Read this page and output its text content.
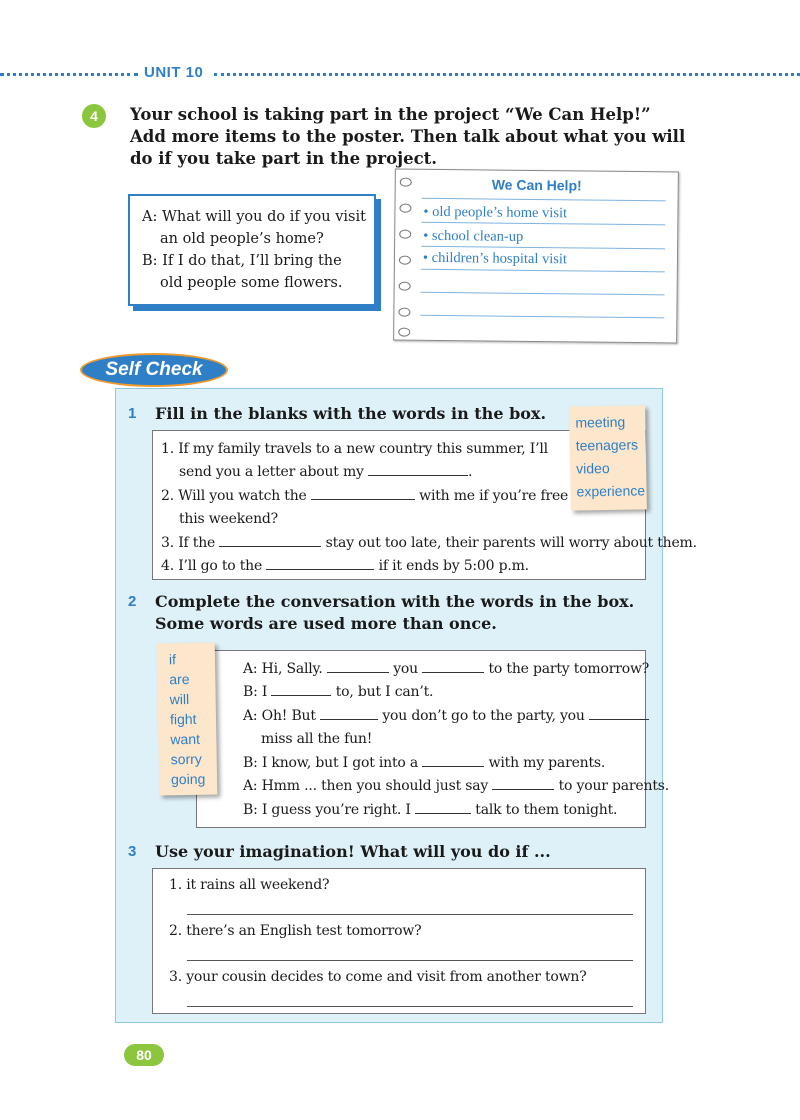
UNIT 10
4	Your school is taking part in the project “We Can Help!” Add more items to the poster. Then talk about what you will do if you take part in the project.

A: What will you do if you visit an old people’s home?

B: If I do that, I’ll bring the old people some flowers.

We Can Help!
• old people’s home visit
• school clean-up
• children’s hospital visit
Self Check
1 Fill in the blanks with the words in the box.
1. If my family travels to a new country this summer, I’ll
send you a letter about my	.
2. Will you watch the	with me if you’re free
this weekend?
3. If the	stay out too late, their parents will worry about them.
4. I’ll go to the	if it ends by 5:00 p.m.
meeting
teenagers
video
experience
2 Complete the conversation with the words in the box. Some words are used more than once.
A: Hi, Sally.	you	to the party tomorrow?
B: I	to, but I can’t.
A: Oh! But	you don’t go to the party, you
miss all the fun!
B: I know, but I got into a	with my parents.
A: Hmm ... then you should just say	to your parents.
B: I guess you’re right. I	talk to them tonight.
if
are
will
fight
want
sorry
going
3 Use your imagination! What will you do if ...
1. it rains all weekend?
2. there’s an English test tomorrow?
3. your cousin decides to come and visit from another town?
80
